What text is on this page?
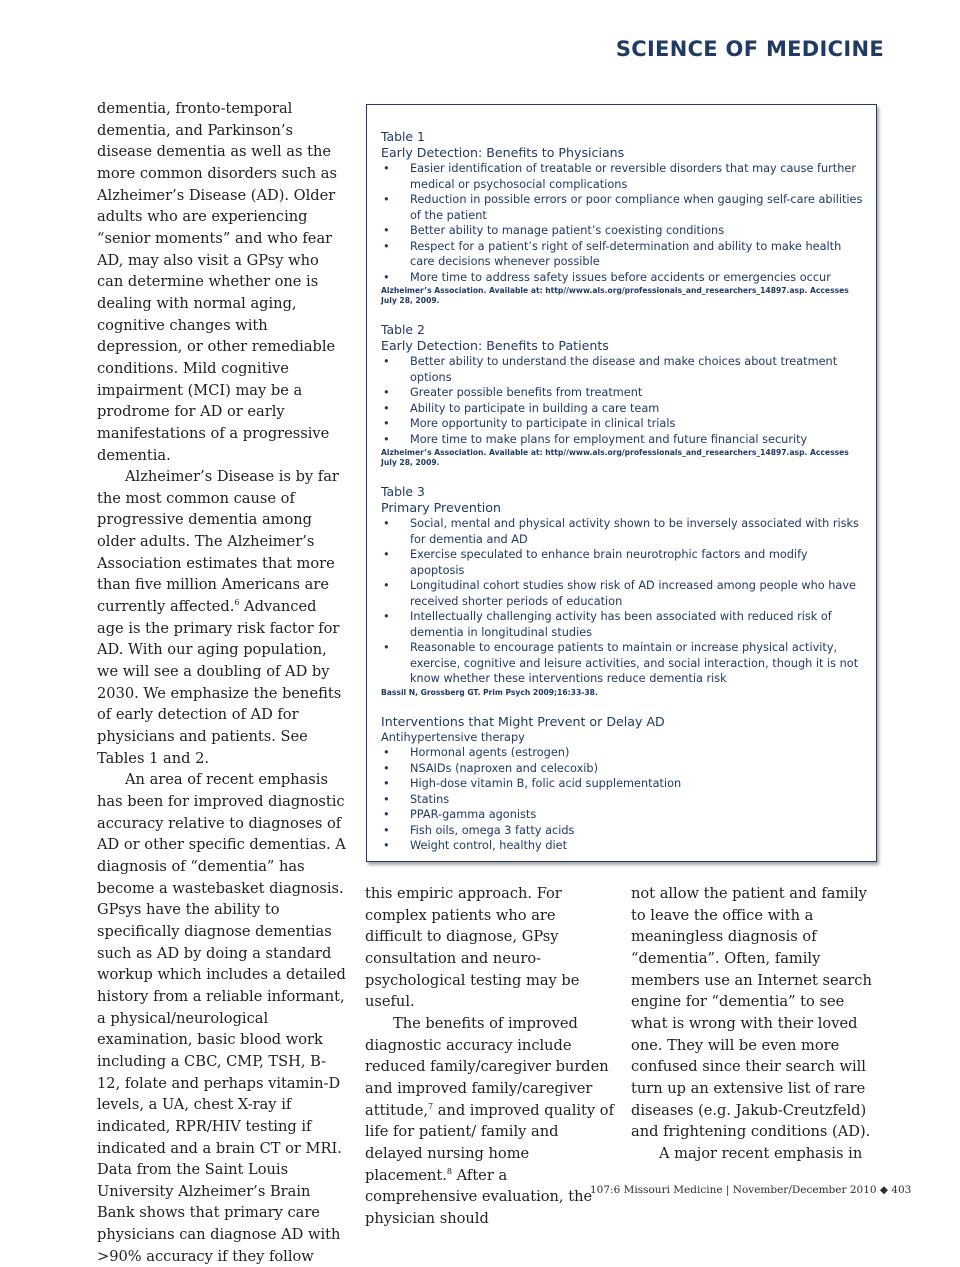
SCIENCE OF MEDICINE

dementia, fronto-temporal dementia, and Parkinson’s disease dementia as well as the more common disorders such as Alzheimer’s Disease (AD). Older adults who are experiencing “senior moments” and who fear AD, may also visit a GPsy who can determine whether one is dealing with normal aging, cognitive changes with depression, or other remediable conditions. Mild cognitive impairment (MCI) may be a prodrome for AD or early manifestations of a progressive dementia.

Alzheimer’s Disease is by far the most common cause of progressive dementia among older adults. The Alzheimer’s Association estimates that more than five million Americans are currently affected.$^6$ Advanced age is the primary risk factor for AD. With our aging population, we will see a doubling of AD by 2030. We emphasize the benefits of early detection of AD for physicians and patients. See Tables 1 and 2.

An area of recent emphasis has been for improved diagnostic accuracy relative to diagnoses of AD or other specific dementias. A diagnosis of “dementia” has become a wastebasket diagnosis. GPsys have the ability to specifically diagnose dementias such as AD by doing a standard workup which includes a detailed history from a reliable informant, a physical/neurological examination, basic blood work including a CBC, CMP, TSH, B-12, folate and perhaps vitamin-D levels, a UA, chest X-ray if indicated, RPR/HIV testing if indicated and a brain CT or MRI. Data from the Saint Louis University Alzheimer’s Brain Bank shows that primary care physicians can diagnose AD with >90% accuracy if they follow

Table 1
Early Detection: Benefits to Physicians
• Easier identification of treatable or reversible disorders that may cause further medical or psychosocial complications
• Reduction in possible errors or poor compliance when gauging self-care abilities of the patient
• Better ability to manage patient’s coexisting conditions
• Respect for a patient’s right of self-determination and ability to make health care decisions whenever possible
• More time to address safety issues before accidents or emergencies occur
Alzheimer’s Association. Available at: http//www.als.org/professionals_and_researchers_14897.asp. Accesses July 28, 2009.
Table 2
Early Detection: Benefits to Patients
• Better ability to understand the disease and make choices about treatment options
• Greater possible benefits from treatment
• Ability to participate in building a care team
• More opportunity to participate in clinical trials
• More time to make plans for employment and future financial security
Alzheimer’s Association. Available at: http//www.als.org/professionals_and_researchers_14897.asp. Accesses July 28, 2009.
Table 3
Primary Prevention
• Social, mental and physical activity shown to be inversely associated with risks for dementia and AD
• Exercise speculated to enhance brain neurotrophic factors and modify apoptosis
• Longitudinal cohort studies show risk of AD increased among people who have received shorter periods of education
• Intellectually challenging activity has been associated with reduced risk of dementia in longitudinal studies
• Reasonable to encourage patients to maintain or increase physical activity, exercise, cognitive and leisure activities, and social interaction, though it is not know whether these interventions reduce dementia risk
Bassil N, Grossberg GT. Prim Psych 2009;16:33-38.
Interventions that Might Prevent or Delay AD
Antihypertensive therapy
• Hormonal agents (estrogen)
• NSAIDs (naproxen and celecoxib)
• High-dose vitamin B, folic acid supplementation
• Statins
• PPAR-gamma agonists
• Fish oils, omega 3 fatty acids
• Weight control, healthy diet

this empiric approach. For complex patients who are difficult to diagnose, GPsy consultation and neuro-psychological testing may be useful.

The benefits of improved diagnostic accuracy include reduced family/caregiver burden and improved family/caregiver attitude,$^7$ and improved quality of life for patient/ family and delayed nursing home placement.$^8$ After a comprehensive evaluation, the physician should

not allow the patient and family to leave the office with a meaningless diagnosis of “dementia”. Often, family members use an Internet search engine for “dementia” to see what is wrong with their loved one. They will be even more confused since their search will turn up an extensive list of rare diseases (e.g. Jakub-Creutzfeld) and frightening conditions (AD).

A major recent emphasis in

107:6 Missouri Medicine | November/December 2010 ◆ 403
